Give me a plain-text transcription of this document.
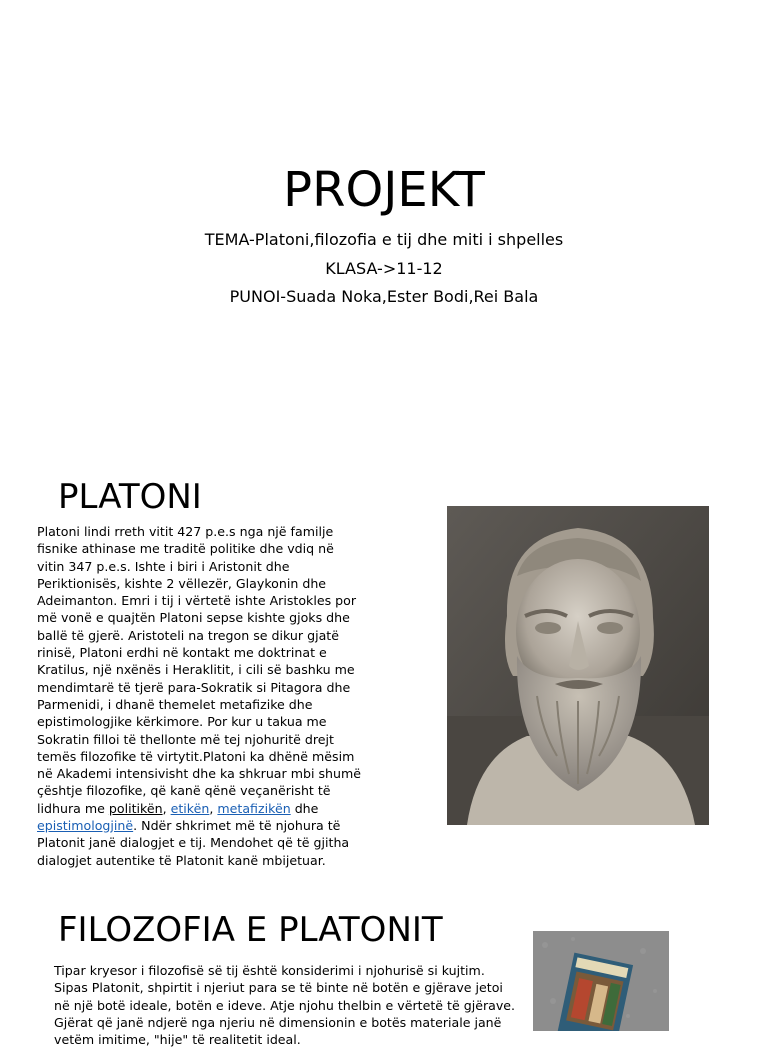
PROJEKT
TEMA-Platoni,filozofia e tij dhe miti i shpelles
KLASA->11-12
PUNOI-Suada Noka,Ester Bodi,Rei Bala
PLATONI

Platoni lindi rreth vitit 427 p.e.s nga një familje fisnike athinase me traditë politike dhe vdiq në vitin 347 p.e.s. Ishte i biri i Aristonit dhe Periktionisës, kishte 2 vëllezër, Glaykonin dhe Adeimanton. Emri i tij i vërtetë ishte Aristokles por më vonë e quajtën Platoni sepse kishte gjoks dhe ballë të gjerë. Aristoteli na tregon se dikur gjatë rinisë, Platoni erdhi në kontakt me doktrinat e Kratilus, një nxënës i Heraklitit, i cili së bashku me mendimtarë të tjerë para-Sokratik si Pitagora dhe Parmenidi, i dhanë themelet metafizike dhe epistimologjike kërkimore. Por kur u takua me Sokratin filloi të thellonte më tej njohuritë drejt temës filozofike të virtytit.Platoni ka dhënë mësim në Akademi intensivisht dhe ka shkruar mbi shumë çështje filozofike, që kanë qënë veçanërisht të lidhura me politikën, etikën, metafizikën dhe epistimologjinë. Ndër shkrimet më të njohura të Platonit janë dialogjet e tij. Mendohet që të gjitha dialogjet autentike të Platonit kanë mbijetuar.

FILOZOFIA E PLATONIT

Tipar kryesor i filozofisë së tij është konsiderimi i njohurisë si kujtim. Sipas Platonit, shpirtit i njeriut para se të binte në botën e gjërave jetoi në një botë ideale, botën e ideve. Atje njohu thelbin e vërtetë të gjërave. Gjërat që janë ndjerë nga njeriu në dimensionin e botës materiale janë vetëm imitime, "hije" të realitetit ideal.
